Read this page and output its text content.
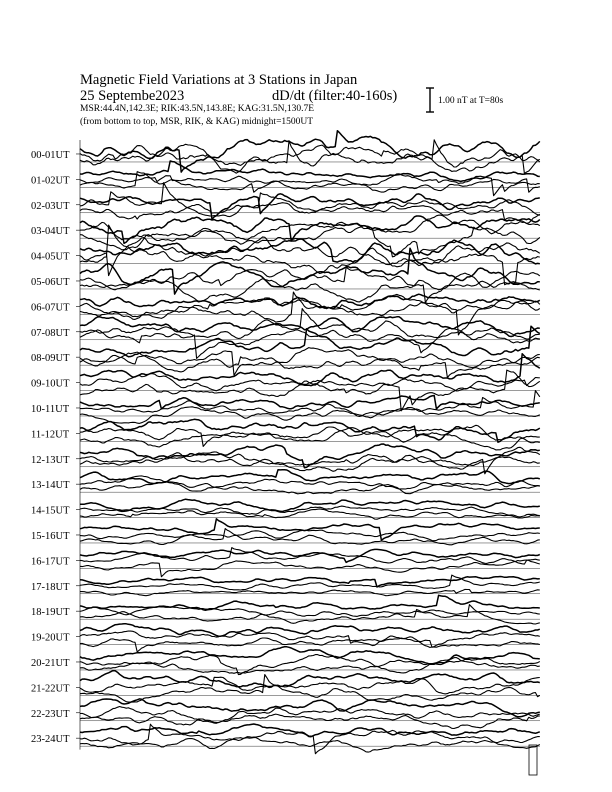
Magnetic Field Variations at 3 Stations in Japan
25 Septembe2023	dD/dt (filter:40-160s)
MSR:44.4N,142.3E; RIK:43.5N,143.8E; KAG:31.5N,130.7E
(from bottom to top, MSR, RIK, & KAG) midnight=1500UT
1.00 nT at T=80s
00-01UT
01-02UT
02-03UT
03-04UT
04-05UT
05-06UT
06-07UT
07-08UT
08-09UT
09-10UT
10-11UT
11-12UT
12-13UT
13-14UT
14-15UT
15-16UT
16-17UT
17-18UT
18-19UT
19-20UT
20-21UT
21-22UT
22-23UT
23-24UT
